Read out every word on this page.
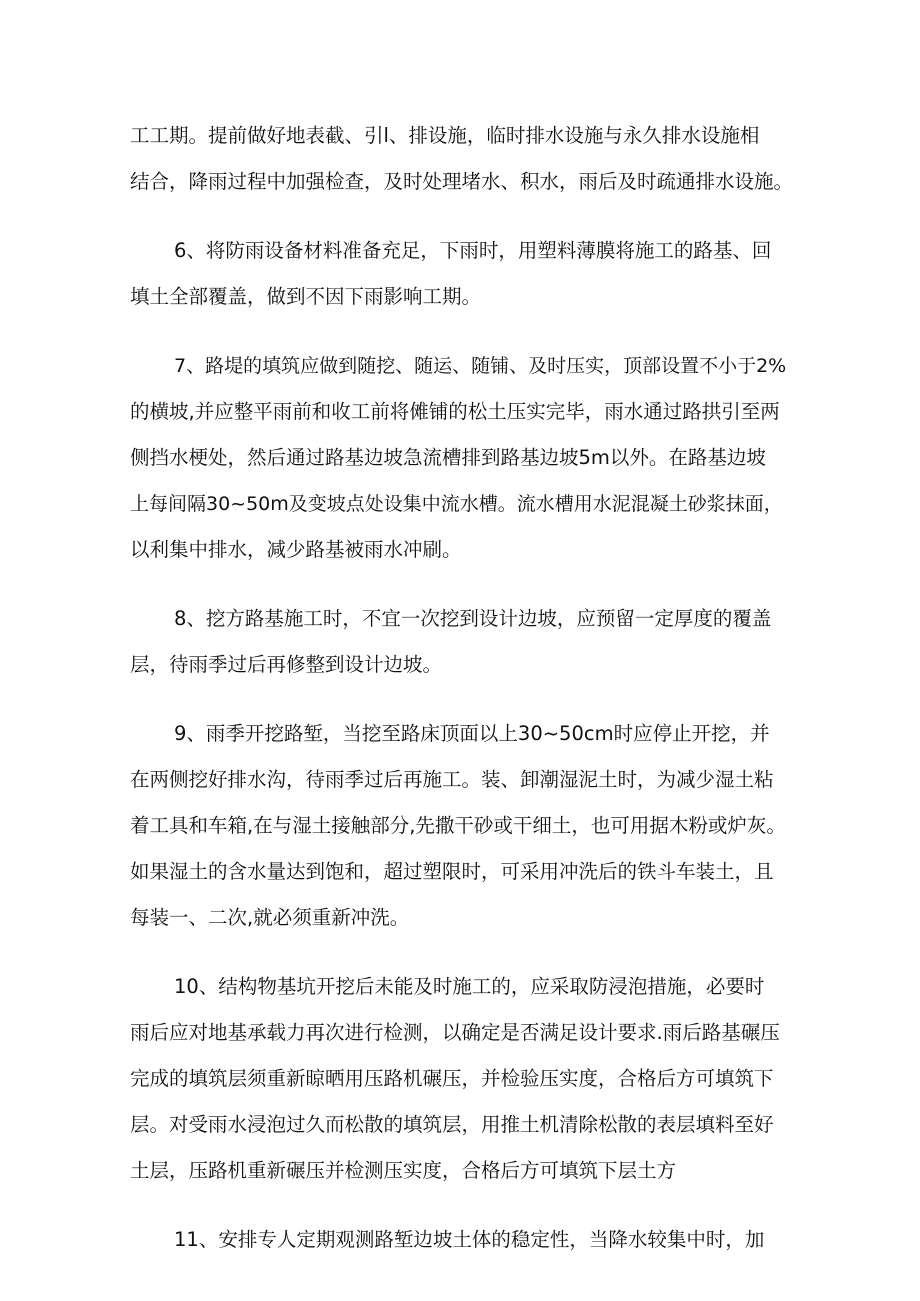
工工期。提前做好地表截、引l、排设施，临时排水设施与永久排水设施相
结合，降雨过程中加强检查，及时处理堵水、积水，雨后及时疏通排水设施。
6、将防雨设备材料准备充足，下雨时，用塑料薄膜将施工的路基、回
填土全部覆盖，做到不因下雨影响工期。
7、路堤的填筑应做到随挖、随运、随铺、及时压实，顶部设置不小于2%
的横坡,并应整平雨前和收工前将傩铺的松土压实完毕，雨水通过路拱引至两
侧挡水梗处，然后通过路基边坡急流槽排到路基边坡5m以外。在路基边坡
上每间隔30~50m及变坡点处设集中流水槽。流水槽用水泥混凝土砂浆抹面，
以利集中排水，减少路基被雨水冲刷。
8、挖方路基施工时，不宜一次挖到设计边坡，应预留一定厚度的覆盖
层，待雨季过后再修整到设计边坡。
9、雨季开挖路堑，当挖至路床顶面以上30~50cm时应停止开挖，并
在两侧挖好排水沟，待雨季过后再施工。装、卸潮湿泥土时，为减少湿土粘
着工具和车箱,在与湿土接触部分,先撒干砂或干细土，也可用据木粉或炉灰。
如果湿土的含水量达到饱和，超过塑限时，可采用冲洗后的铁斗车装土，且
每装一、二次,就必须重新冲洗。
10、结构物基坑开挖后未能及时施工的，应采取防浸泡措施，必要时
雨后应对地基承载力再次进行检测，以确定是否满足设计要求.雨后路基碾压
完成的填筑层须重新晾晒用压路机碾压，并检验压实度，合格后方可填筑下
层。对受雨水浸泡过久而松散的填筑层，用推土机清除松散的表层填料至好
土层，压路机重新碾压并检测压实度，合格后方可填筑下层土方
11、安排专人定期观测路堑边坡土体的稳定性，当降水较集中时，加
